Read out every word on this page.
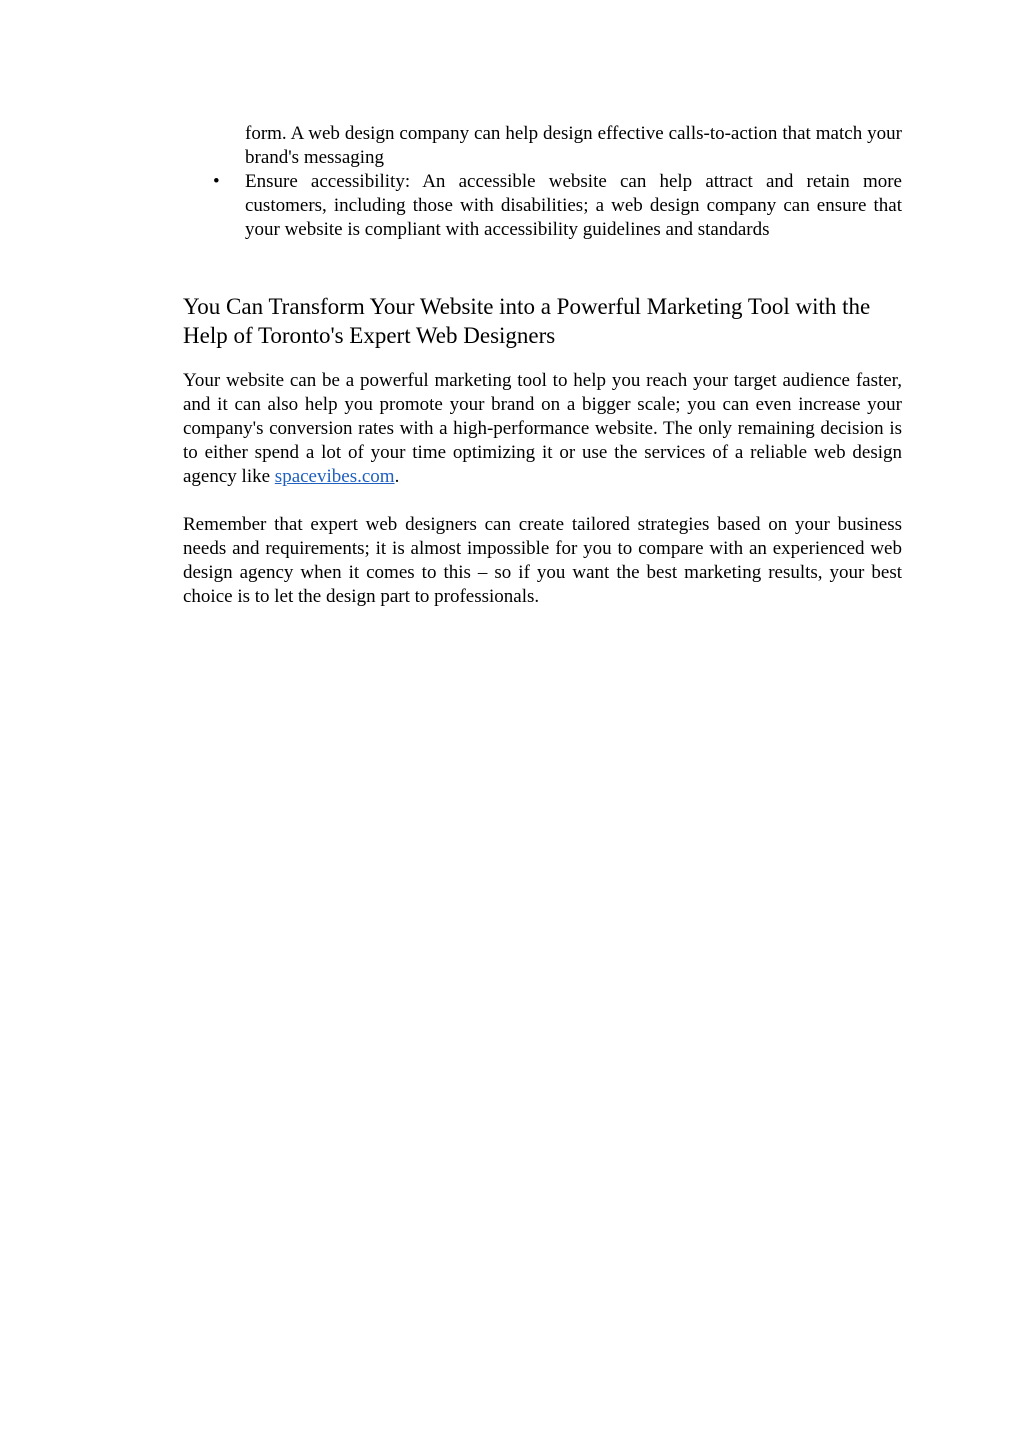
form. A web design company can help design effective calls-to-action that match your brand's messaging
•	Ensure accessibility: An accessible website can help attract and retain more customers, including those with disabilities; a web design company can ensure that your website is compliant with accessibility guidelines and standards
You Can Transform Your Website into a Powerful Marketing Tool with the Help of Toronto's Expert Web Designers

Your website can be a powerful marketing tool to help you reach your target audience faster, and it can also help you promote your brand on a bigger scale; you can even increase your company's conversion rates with a high-performance website. The only remaining decision is to either spend a lot of your time optimizing it or use the services of a reliable web design agency like spacevibes.com.

Remember that expert web designers can create tailored strategies based on your business needs and requirements; it is almost impossible for you to compare with an experienced web design agency when it comes to this – so if you want the best marketing results, your best choice is to let the design part to professionals.
